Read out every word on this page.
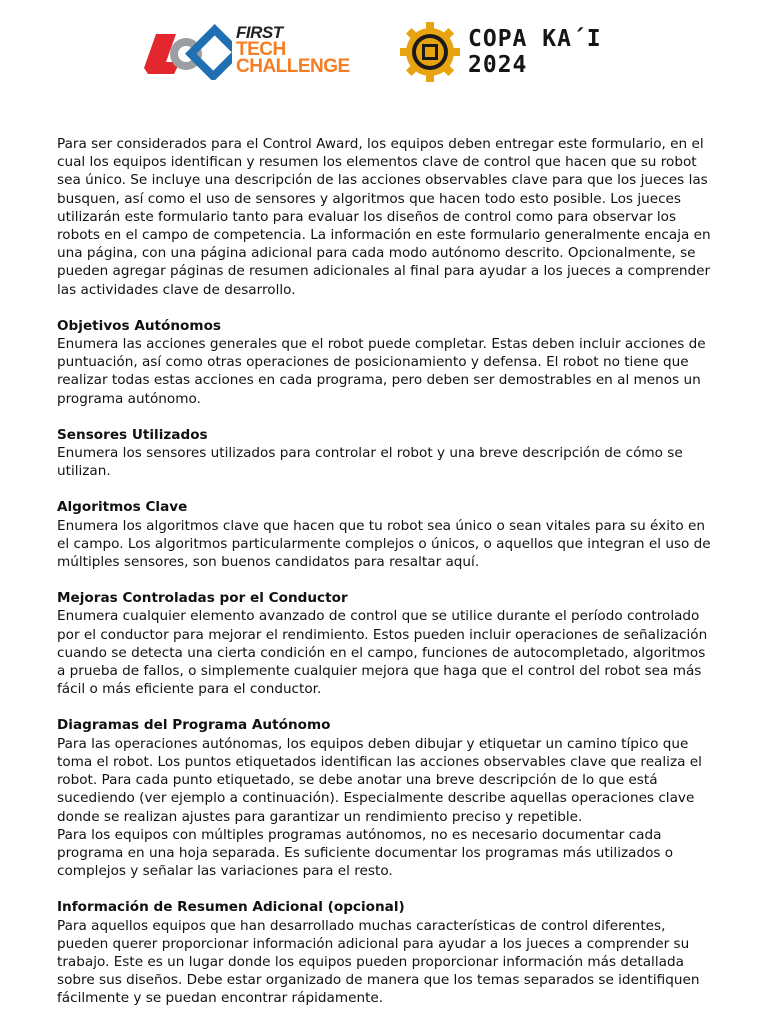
FIRST
TECH
CHALLENGE
COPA KA´I
2024

Para ser considerados para el Control Award, los equipos deben entregar este formulario, en el cual los equipos identifican y resumen los elementos clave de control que hacen que su robot sea único. Se incluye una descripción de las acciones observables clave para que los jueces las busquen, así como el uso de sensores y algoritmos que hacen todo esto posible. Los jueces utilizarán este formulario tanto para evaluar los diseños de control como para observar los robots en el campo de competencia. La información en este formulario generalmente encaja en una página, con una página adicional para cada modo autónomo descrito. Opcionalmente, se pueden agregar páginas de resumen adicionales al final para ayudar a los jueces a comprender las actividades clave de desarrollo.

Objetivos Autónomos

Enumera las acciones generales que el robot puede completar. Estas deben incluir acciones de puntuación, así como otras operaciones de posicionamiento y defensa. El robot no tiene que realizar todas estas acciones en cada programa, pero deben ser demostrables en al menos un programa autónomo.

Sensores Utilizados

Enumera los sensores utilizados para controlar el robot y una breve descripción de cómo se utilizan.

Algoritmos Clave

Enumera los algoritmos clave que hacen que tu robot sea único o sean vitales para su éxito en el campo. Los algoritmos particularmente complejos o únicos, o aquellos que integran el uso de múltiples sensores, son buenos candidatos para resaltar aquí.

Mejoras Controladas por el Conductor

Enumera cualquier elemento avanzado de control que se utilice durante el período controlado por el conductor para mejorar el rendimiento. Estos pueden incluir operaciones de señalización cuando se detecta una cierta condición en el campo, funciones de autocompletado, algoritmos a prueba de fallos, o simplemente cualquier mejora que haga que el control del robot sea más fácil o más eficiente para el conductor.

Diagramas del Programa Autónomo

Para las operaciones autónomas, los equipos deben dibujar y etiquetar un camino típico que toma el robot. Los puntos etiquetados identifican las acciones observables clave que realiza el robot. Para cada punto etiquetado, se debe anotar una breve descripción de lo que está sucediendo (ver ejemplo a continuación). Especialmente describe aquellas operaciones clave donde se realizan ajustes para garantizar un rendimiento preciso y repetible.

Para los equipos con múltiples programas autónomos, no es necesario documentar cada programa en una hoja separada. Es suficiente documentar los programas más utilizados o complejos y señalar las variaciones para el resto.

Información de Resumen Adicional (opcional)

Para aquellos equipos que han desarrollado muchas características de control diferentes, pueden querer proporcionar información adicional para ayudar a los jueces a comprender su trabajo. Este es un lugar donde los equipos pueden proporcionar información más detallada sobre sus diseños. Debe estar organizado de manera que los temas separados se identifiquen fácilmente y se puedan encontrar rápidamente.
